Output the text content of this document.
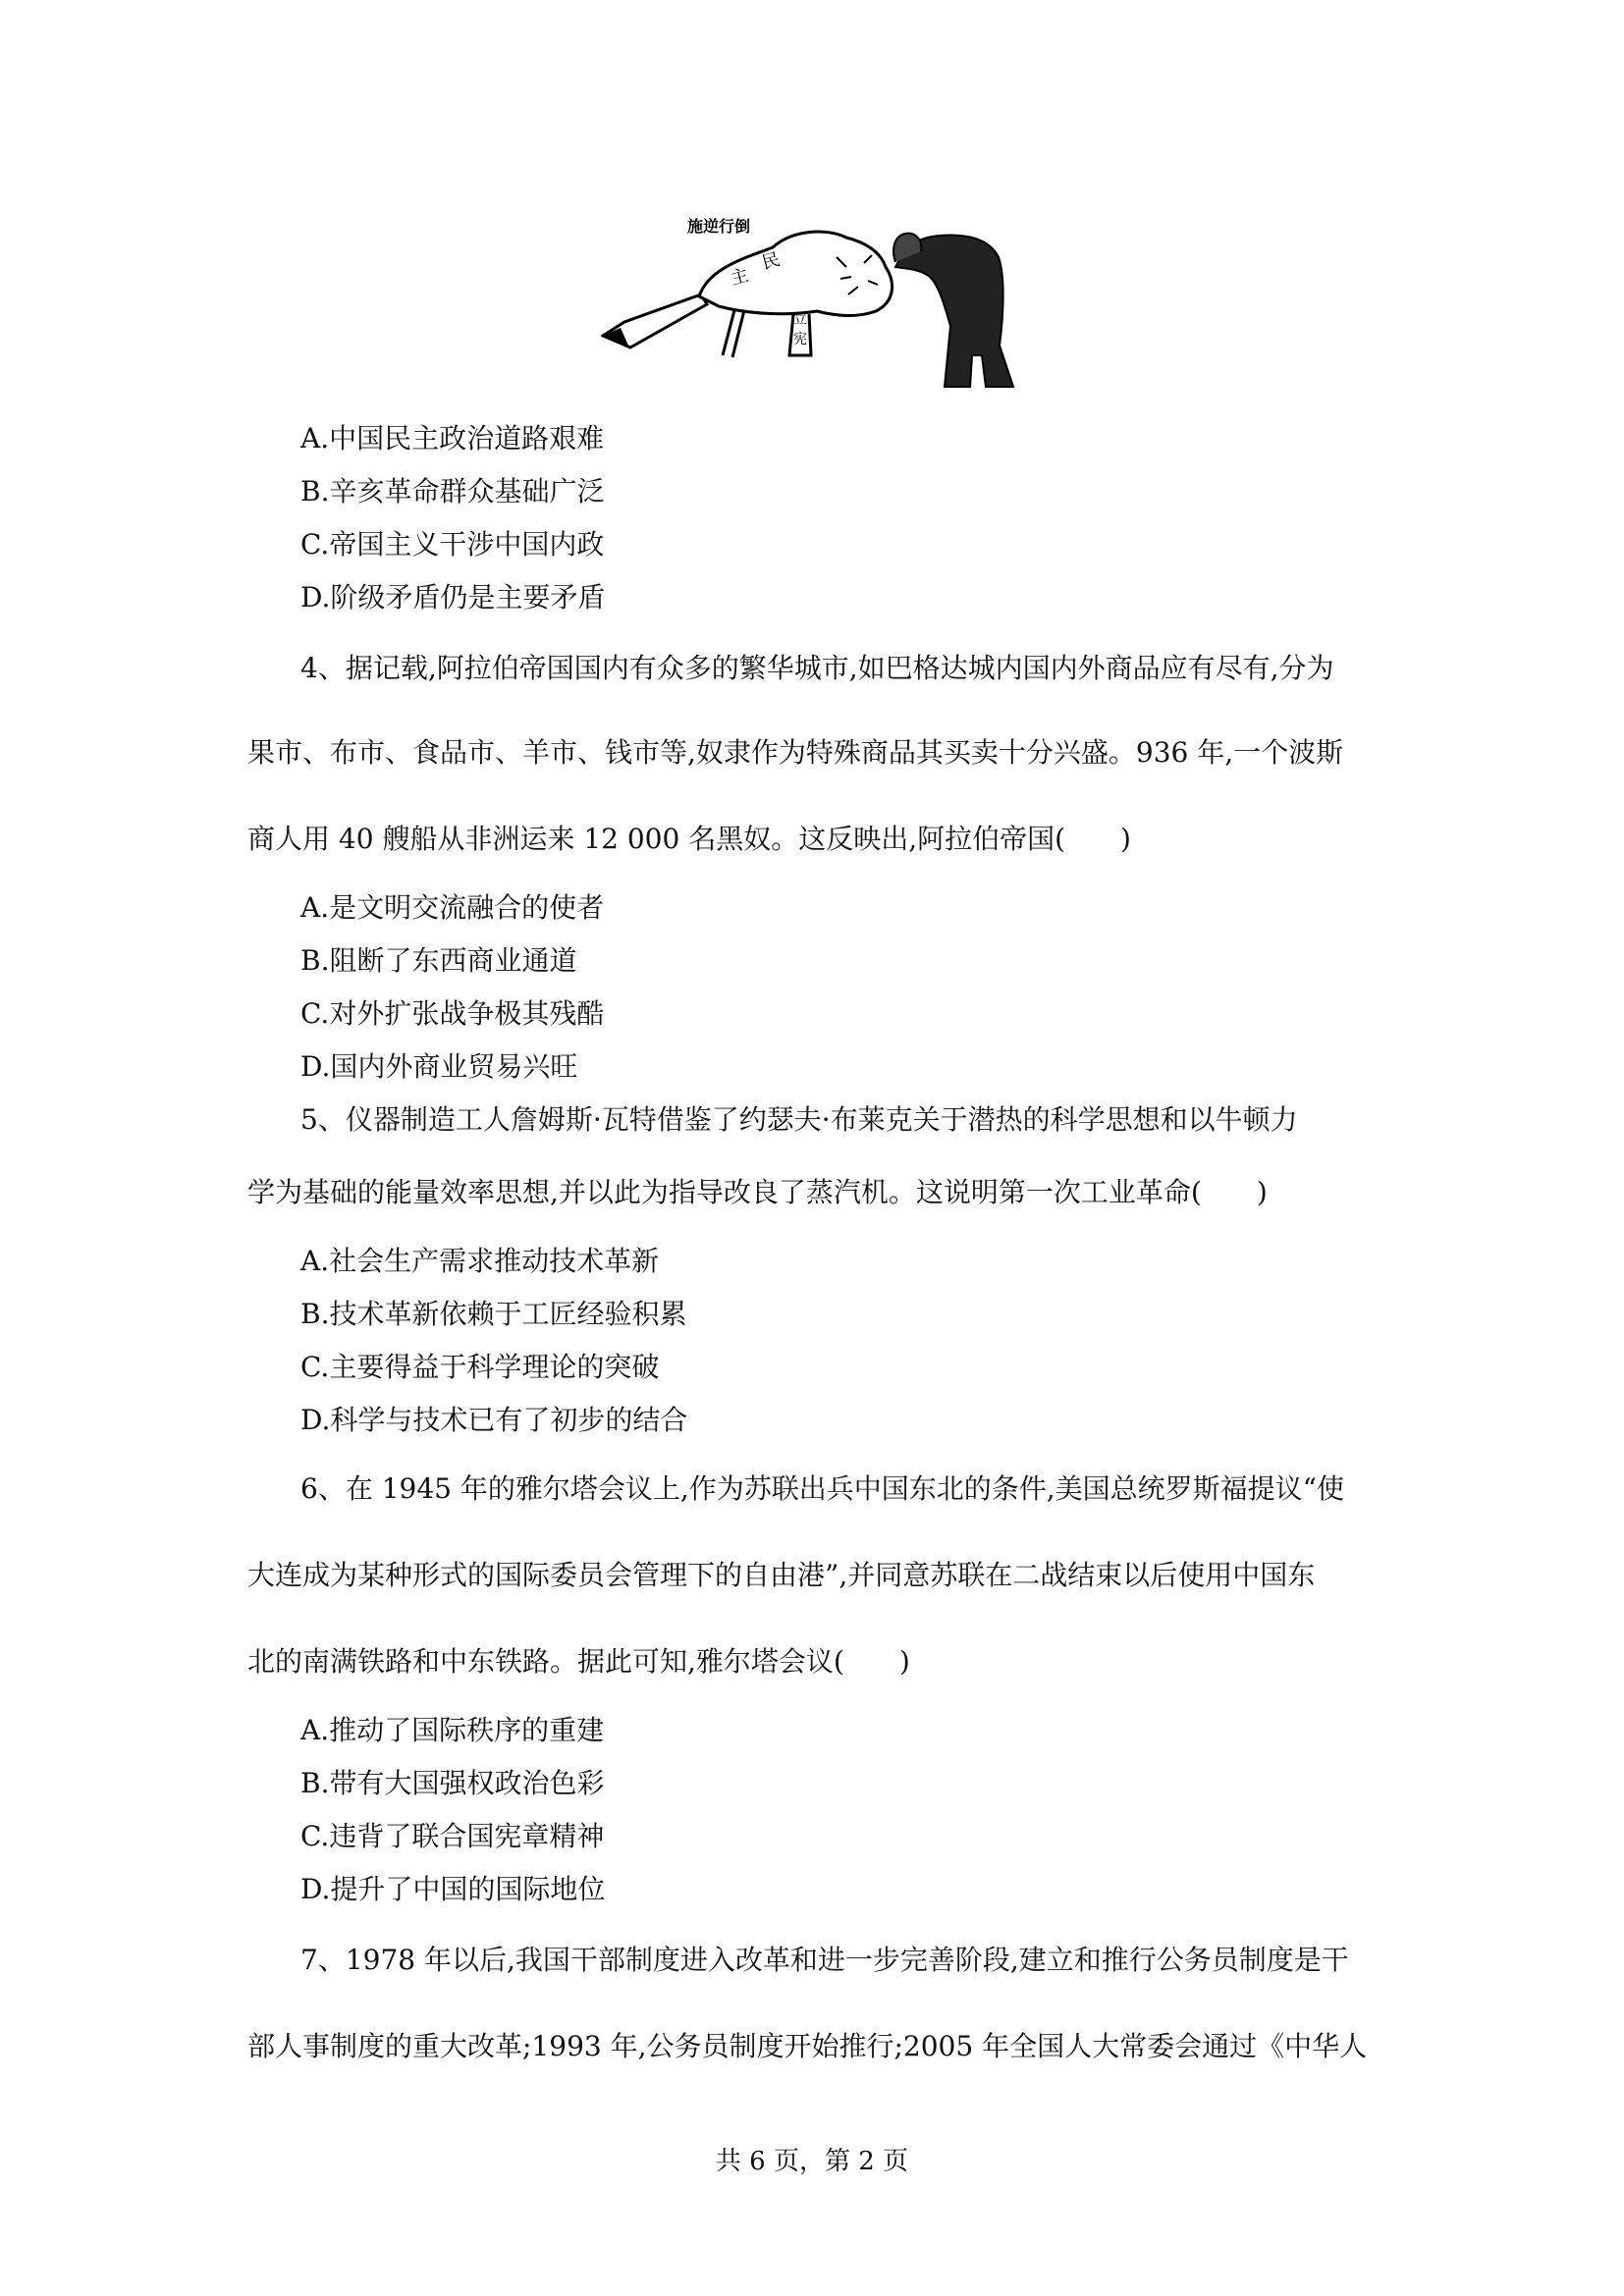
施逆行倒
民
主
立
宪
A.中国民主政治道路艰难
B.辛亥革命群众基础广泛
C.帝国主义干涉中国内政
D.阶级矛盾仍是主要矛盾
4、据记载,阿拉伯帝国国内有众多的繁华城市,如巴格达城内国内外商品应有尽有,分为
果市、布市、食品市、羊市、钱市等,奴隶作为特殊商品其买卖十分兴盛。936 年,一个波斯
商人用 40 艘船从非洲运来 12 000 名黑奴。这反映出,阿拉伯帝国(　　)
A.是文明交流融合的使者
B.阻断了东西商业通道
C.对外扩张战争极其残酷
D.国内外商业贸易兴旺
5、仪器制造工人詹姆斯·瓦特借鉴了约瑟夫·布莱克关于潜热的科学思想和以牛顿力
学为基础的能量效率思想,并以此为指导改良了蒸汽机。这说明第一次工业革命(　　)
A.社会生产需求推动技术革新
B.技术革新依赖于工匠经验积累
C.主要得益于科学理论的突破
D.科学与技术已有了初步的结合
6、在 1945 年的雅尔塔会议上,作为苏联出兵中国东北的条件,美国总统罗斯福提议“使
大连成为某种形式的国际委员会管理下的自由港”,并同意苏联在二战结束以后使用中国东
北的南满铁路和中东铁路。据此可知,雅尔塔会议(　　)
A.推动了国际秩序的重建
B.带有大国强权政治色彩
C.违背了联合国宪章精神
D.提升了中国的国际地位
7、1978 年以后,我国干部制度进入改革和进一步完善阶段,建立和推行公务员制度是干
部人事制度的重大改革;1993 年,公务员制度开始推行;2005 年全国人大常委会通过《中华人
共 6 页，第 2 页
